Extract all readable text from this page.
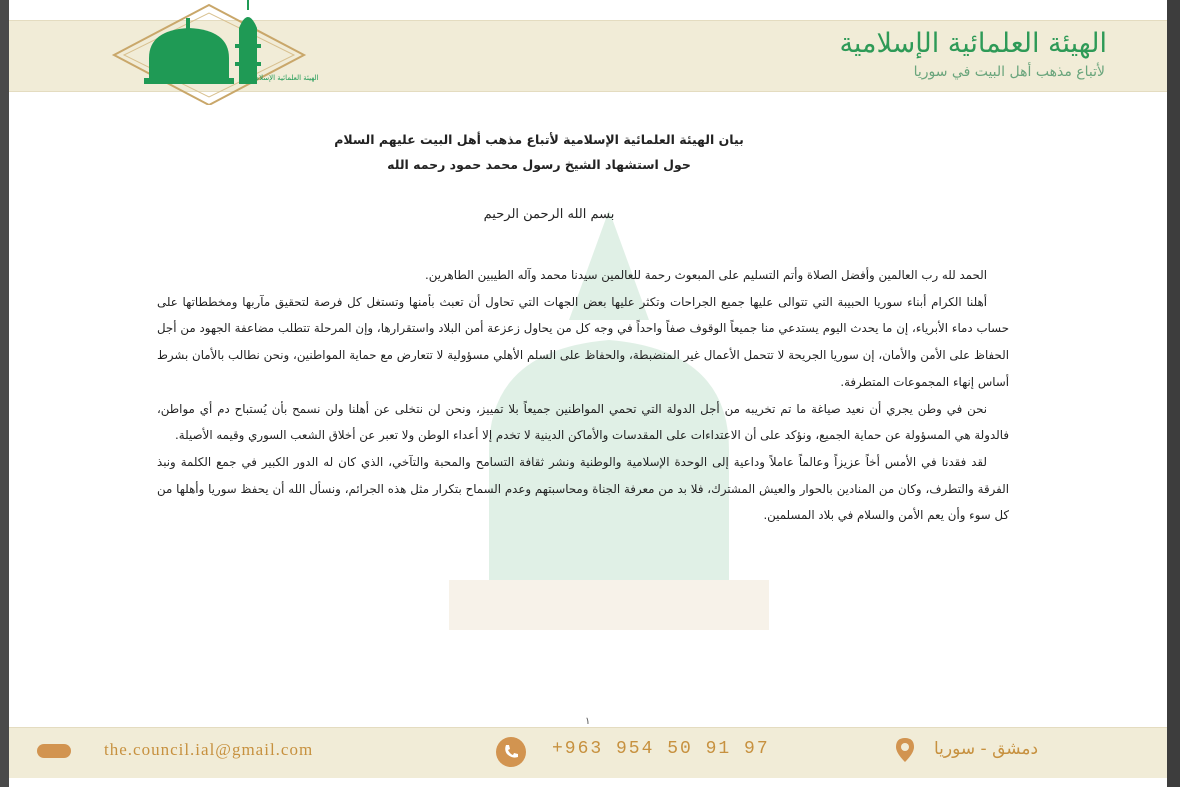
الهيئة العلمائية الإسلامية
الهيئة العلمائية الإسلامية
لأتباع مذهب أهل البيت في سوريا
بيان الهيئة العلمائية الإسلامية لأتباع مذهب أهل البيت عليهم السلام
حول استشهاد الشيخ رسول محمد حمود رحمه الله
بسم الله الرحمن الرحيم

الحمد لله رب العالمين وأفضل الصلاة وأتم التسليم على المبعوث رحمة للعالمين سيدنا محمد وآله الطيبين الطاهرين.

أهلنا الكرام أبناء سوريا الحبيبة التي تتوالى عليها جميع الجراحات وتكثر عليها بعض الجهات التي تحاول أن تعبث بأمنها وتستغل كل فرصة لتحقيق مآربها ومخططاتها على حساب دماء الأبرياء، إن ما يحدث اليوم يستدعي منا جميعاً الوقوف صفاً واحداً في وجه كل من يحاول زعزعة أمن البلاد واستقرارها، وإن المرحلة تتطلب مضاعفة الجهود من أجل الحفاظ على الأمن والأمان، إن سوريا الجريحة لا تتحمل الأعمال غير المنضبطة، والحفاظ على السلم الأهلي مسؤولية لا تتعارض مع حماية المواطنين، ونحن نطالب بالأمان بشرط أساس إنهاء المجموعات المتطرفة.

نحن في وطن يجري أن نعيد صياغة ما تم تخريبه من أجل الدولة التي تحمي المواطنين جميعاً بلا تمييز، ونحن لن نتخلى عن أهلنا ولن نسمح بأن يُستباح دم أي مواطن، فالدولة هي المسؤولة عن حماية الجميع، ونؤكد على أن الاعتداءات على المقدسات والأماكن الدينية لا تخدم إلا أعداء الوطن ولا تعبر عن أخلاق الشعب السوري وقيمه الأصيلة.

لقد فقدنا في الأمس أخاً عزيزاً وعالماً عاملاً وداعية إلى الوحدة الإسلامية والوطنية ونشر ثقافة التسامح والمحبة والتآخي، الذي كان له الدور الكبير في جمع الكلمة ونبذ الفرقة والتطرف، وكان من المنادين بالحوار والعيش المشترك، فلا بد من معرفة الجناة ومحاسبتهم وعدم السماح بتكرار مثل هذه الجرائم، ونسأل الله أن يحفظ سوريا وأهلها من كل سوء وأن يعم الأمن والسلام في بلاد المسلمين.

١
the.council.ial@gmail.com	+963 954 50 91 97	دمشق - سوريا
